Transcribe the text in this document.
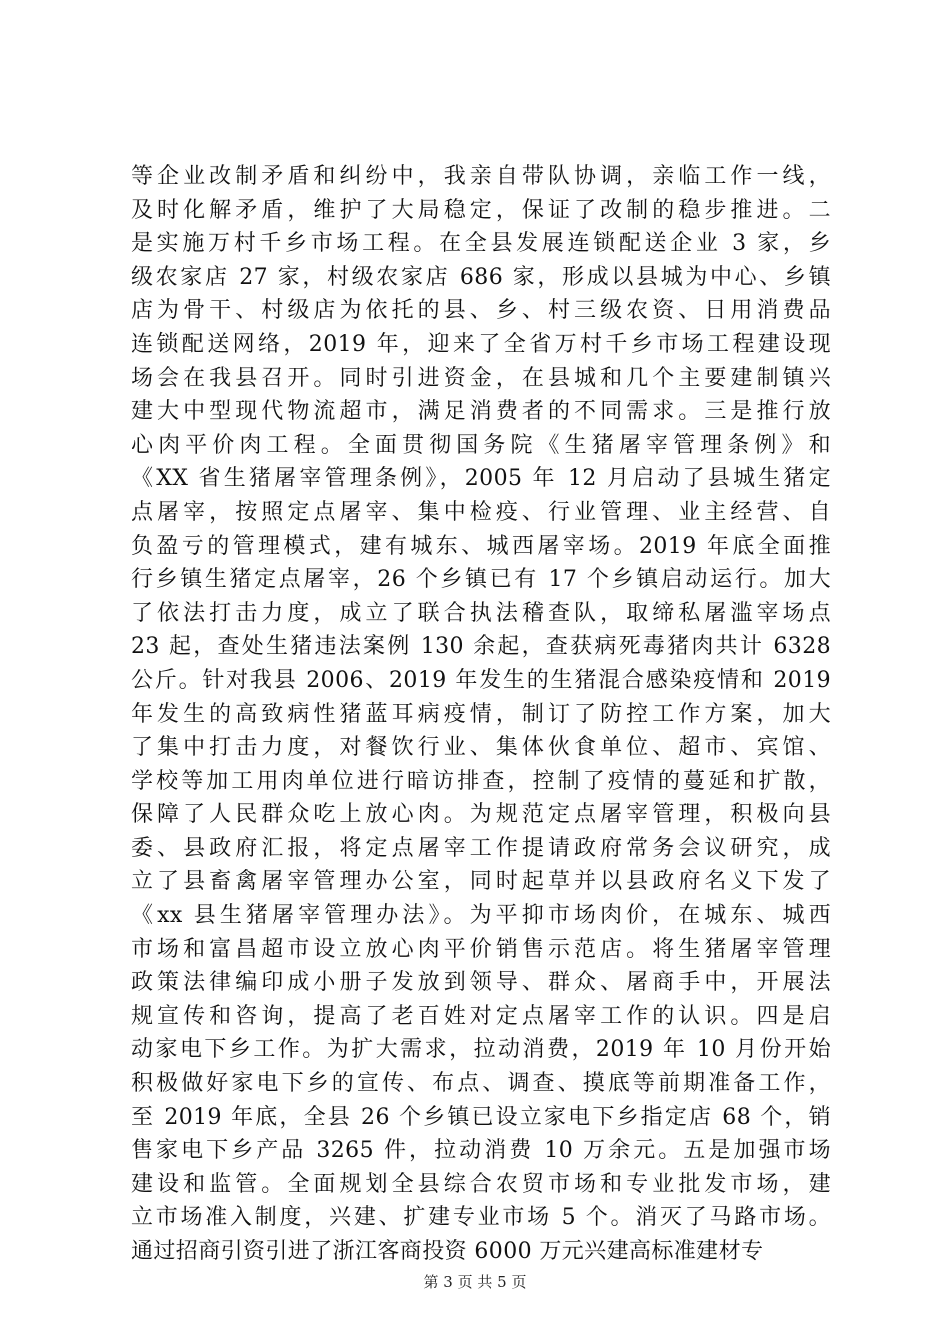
等企业改制矛盾和纠纷中，我亲自带队协调，亲临工作一线，
及时化解矛盾，维护了大局稳定，保证了改制的稳步推进。二
是实施万村千乡市场工程。在全县发展连锁配送企业 3 家，乡
级农家店 27 家，村级农家店 686 家，形成以县城为中心、乡镇
店为骨干、村级店为依托的县、乡、村三级农资、日用消费品
连锁配送网络，2019 年，迎来了全省万村千乡市场工程建设现
场会在我县召开。同时引进资金，在县城和几个主要建制镇兴
建大中型现代物流超市，满足消费者的不同需求。三是推行放
心肉平价肉工程。全面贯彻国务院《生猪屠宰管理条例》和
《XX 省生猪屠宰管理条例》，2005 年 12 月启动了县城生猪定
点屠宰，按照定点屠宰、集中检疫、行业管理、业主经营、自
负盈亏的管理模式，建有城东、城西屠宰场。2019 年底全面推
行乡镇生猪定点屠宰，26 个乡镇已有 17 个乡镇启动运行。加大
了依法打击力度，成立了联合执法稽查队，取缔私屠滥宰场点
23 起，查处生猪违法案例 130 余起，查获病死毒猪肉共计 6328
公斤。针对我县 2006、2019 年发生的生猪混合感染疫情和 2019
年发生的高致病性猪蓝耳病疫情，制订了防控工作方案，加大
了集中打击力度，对餐饮行业、集体伙食单位、超市、宾馆、
学校等加工用肉单位进行暗访排查，控制了疫情的蔓延和扩散，
保障了人民群众吃上放心肉。为规范定点屠宰管理，积极向县
委、县政府汇报，将定点屠宰工作提请政府常务会议研究，成
立了县畜禽屠宰管理办公室，同时起草并以县政府名义下发了
《xx 县生猪屠宰管理办法》。为平抑市场肉价，在城东、城西
市场和富昌超市设立放心肉平价销售示范店。将生猪屠宰管理
政策法律编印成小册子发放到领导、群众、屠商手中，开展法
规宣传和咨询，提高了老百姓对定点屠宰工作的认识。四是启
动家电下乡工作。为扩大需求，拉动消费，2019 年 10 月份开始
积极做好家电下乡的宣传、布点、调查、摸底等前期准备工作，
至 2019 年底，全县 26 个乡镇已设立家电下乡指定店 68 个，销
售家电下乡产品 3265 件，拉动消费 10 万余元。五是加强市场
建设和监管。全面规划全县综合农贸市场和专业批发市场，建
立市场准入制度，兴建、扩建专业市场 5 个。消灭了马路市场。
通过招商引资引进了浙江客商投资 6000 万元兴建高标准建材专
第 3 页 共 5 页
